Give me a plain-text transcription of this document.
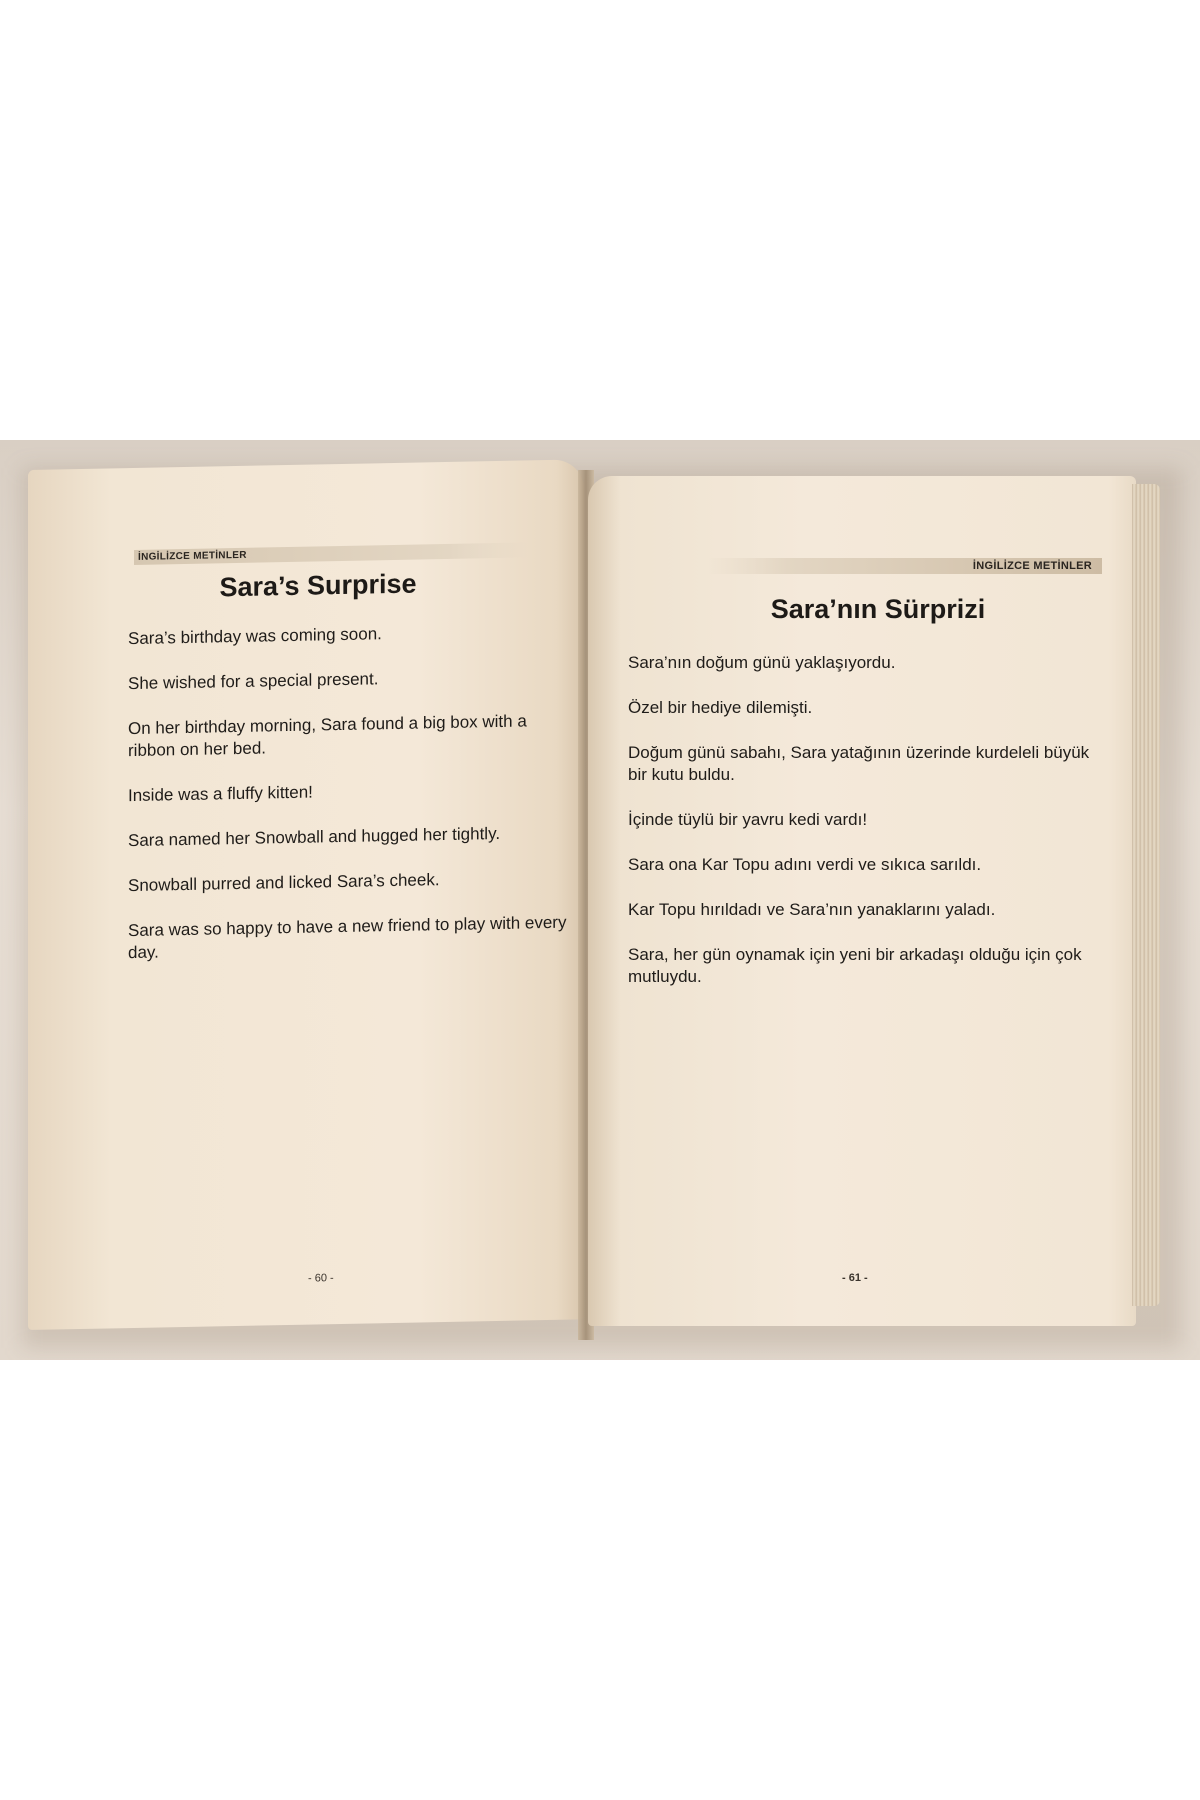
İNGİLİZCE METİNLER
Sara’s Surprise

Sara’s birthday was coming soon.

She wished for a special present.

On her birthday morning, Sara found a big box with a ribbon on her bed.

Inside was a fluffy kitten!

Sara named her Snowball and hugged her tightly.

Snowball purred and licked Sara’s cheek.

Sara was so happy to have a new friend to play with every day.

- 60 -
İNGİLİZCE METİNLER
Sara’nın Sürprizi

Sara’nın doğum günü yaklaşıyordu.

Özel bir hediye dilemişti.

Doğum günü sabahı, Sara yatağının üzerinde kurdeleli büyük bir kutu buldu.

İçinde tüylü bir yavru kedi vardı!

Sara ona Kar Topu adını verdi ve sıkıca sarıldı.

Kar Topu hırıldadı ve Sara’nın yanaklarını yaladı.

Sara, her gün oynamak için yeni bir arkadaşı olduğu için çok mutluydu.

- 61 -
